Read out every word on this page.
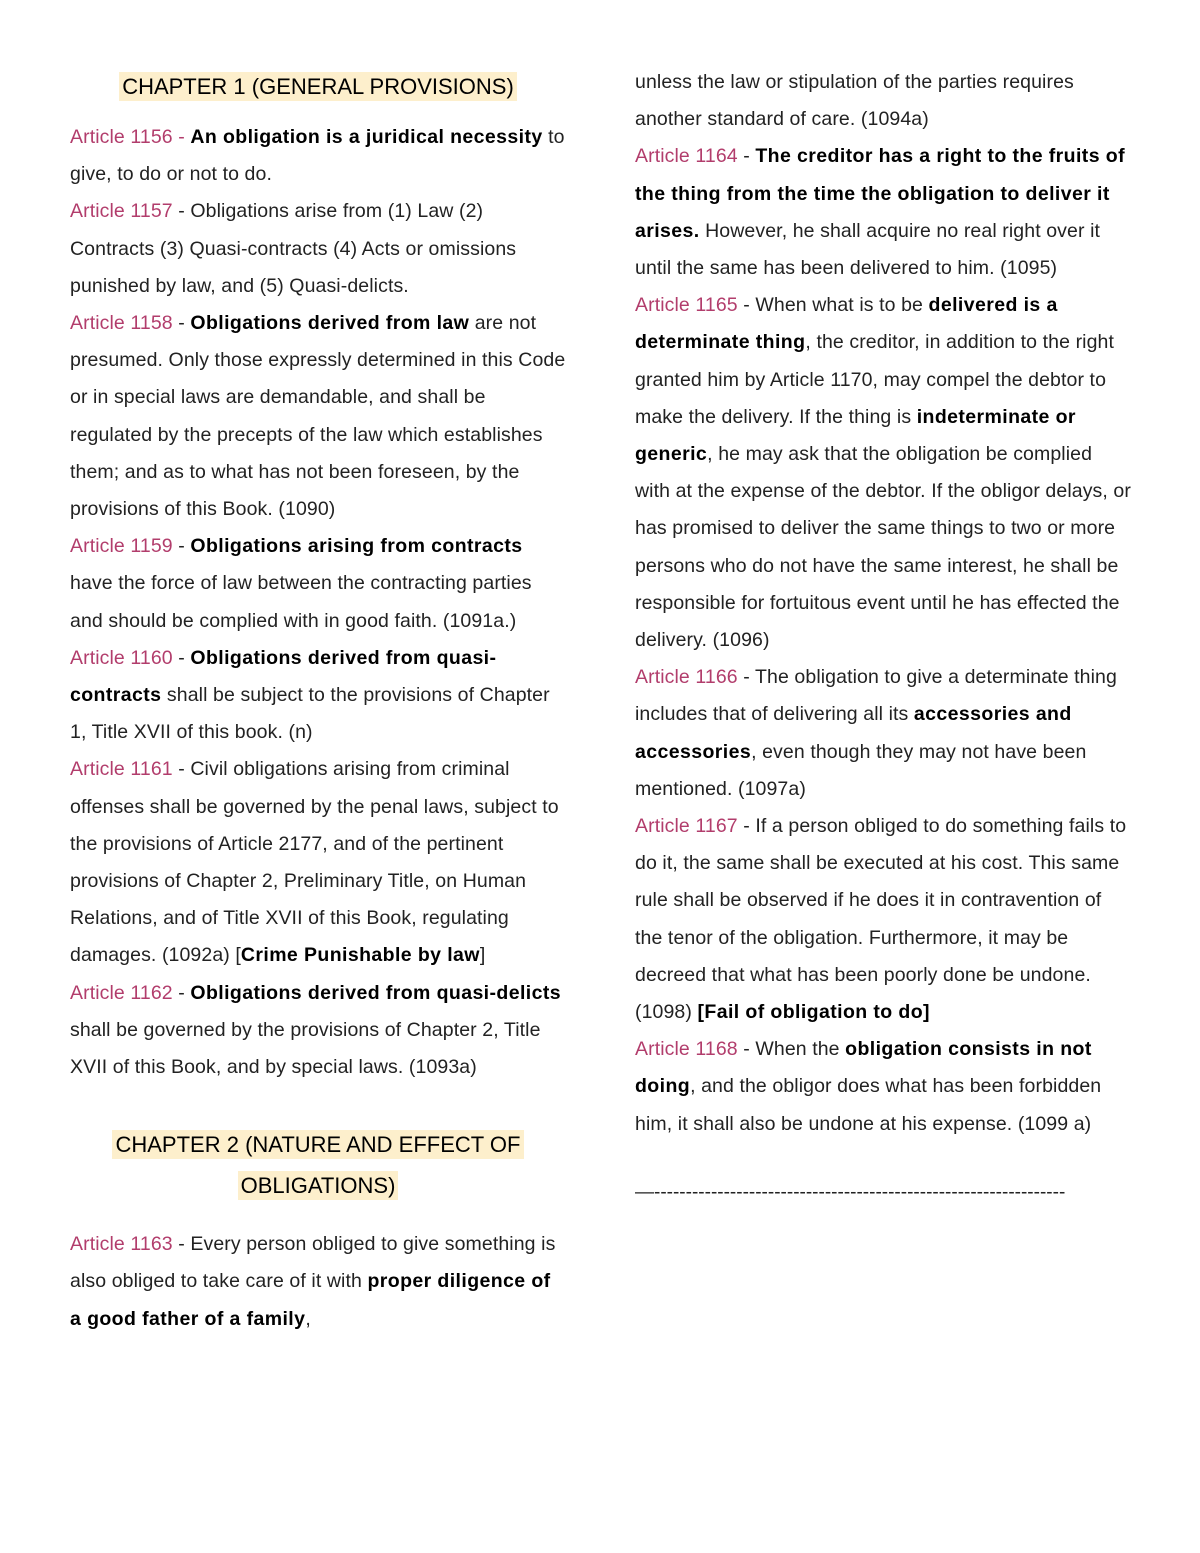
CHAPTER 1 (GENERAL PROVISIONS)

Article 1156 - An obligation is a juridical necessity to give, to do or not to do.

Article 1157 - Obligations arise from (1) Law (2) Contracts (3) Quasi-contracts (4) Acts or omissions punished by law, and (5) Quasi-delicts.

Article 1158 - Obligations derived from law are not presumed. Only those expressly determined in this Code or in special laws are demandable, and shall be regulated by the precepts of the law which establishes them; and as to what has not been foreseen, by the provisions of this Book. (1090)

Article 1159 - Obligations arising from contracts have the force of law between the contracting parties and should be complied with in good faith. (1091a.)

Article 1160 - Obligations derived from quasi-contracts shall be subject to the provisions of Chapter 1, Title XVII of this book. (n)

Article 1161 - Civil obligations arising from criminal offenses shall be governed by the penal laws, subject to the provisions of Article 2177, and of the pertinent provisions of Chapter 2, Preliminary Title, on Human Relations, and of Title XVII of this Book, regulating damages. (1092a) [Crime Punishable by law]

Article 1162 - Obligations derived from quasi-delicts shall be governed by the provisions of Chapter 2, Title XVII of this Book, and by special laws. (1093a)

CHAPTER 2 (NATURE AND EFFECT OF
OBLIGATIONS)

Article 1163 - Every person obliged to give something is also obliged to take care of it with proper diligence of a good father of a family,

unless the law or stipulation of the parties requires another standard of care. (1094a)

Article 1164 - The creditor has a right to the fruits of the thing from the time the obligation to deliver it arises. However, he shall acquire no real right over it until the same has been delivered to him. (1095)

Article 1165 - When what is to be delivered is a determinate thing, the creditor, in addition to the right granted him by Article 1170, may compel the debtor to make the delivery. If the thing is indeterminate or generic, he may ask that the obligation be complied with at the expense of the debtor. If the obligor delays, or has promised to deliver the same things to two or more persons who do not have the same interest, he shall be responsible for fortuitous event until he has effected the delivery. (1096)

Article 1166 - The obligation to give a determinate thing includes that of delivering all its accessories and accessories, even though they may not have been mentioned. (1097a)

Article 1167 - If a person obliged to do something fails to do it, the same shall be executed at his cost. This same rule shall be observed if he does it in contravention of the tenor of the obligation. Furthermore, it may be decreed that what has been poorly done be undone. (1098) [Fail of obligation to do]

Article 1168 - When the obligation consists in not doing, and the obligor does what has been forbidden him, it shall also be undone at his expense. (1099 a)

—-----------------------------------------------------------------
